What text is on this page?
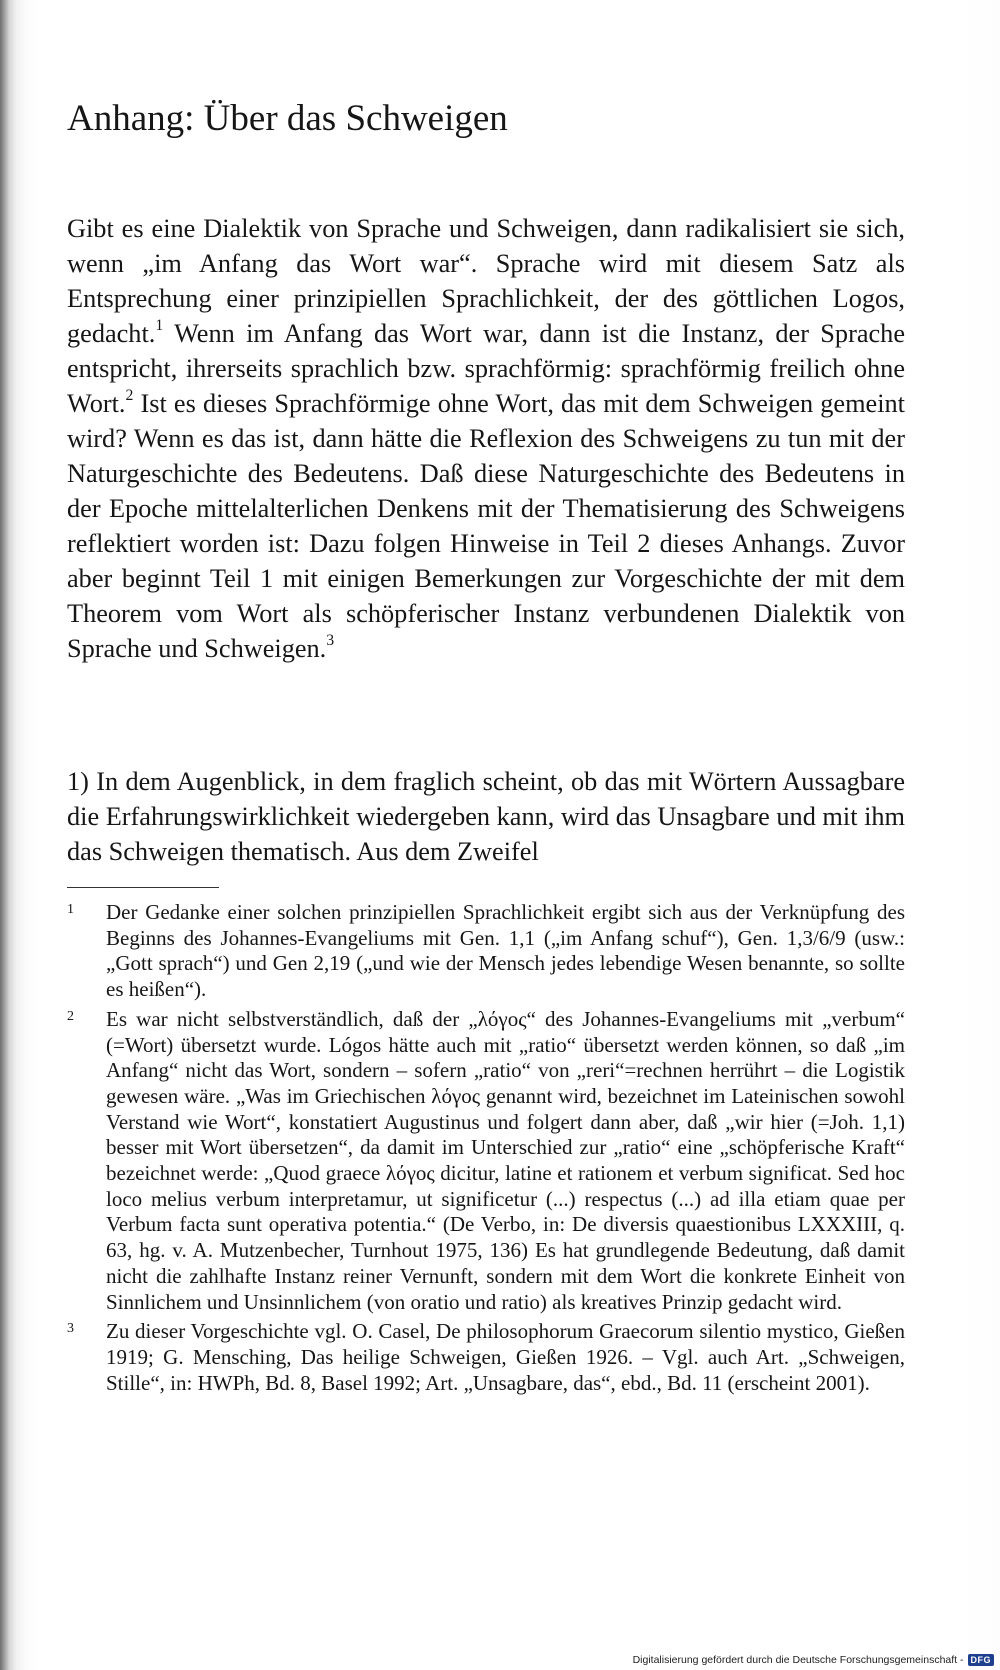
Anhang: Über das Schweigen

Gibt es eine Dialektik von Sprache und Schweigen, dann radikalisiert sie sich, wenn „im Anfang das Wort war“. Sprache wird mit diesem Satz als Entsprechung einer prinzipiellen Sprachlichkeit, der des göttlichen Logos, gedacht.$^1$ Wenn im Anfang das Wort war, dann ist die Instanz, der Sprache entspricht, ihrerseits sprachlich bzw. sprachförmig: sprachförmig freilich ohne Wort.$^2$ Ist es dieses Sprachförmige ohne Wort, das mit dem Schweigen gemeint wird? Wenn es das ist, dann hätte die Reflexion des Schweigens zu tun mit der Naturgeschichte des Bedeutens. Daß diese Naturgeschichte des Bedeutens in der Epoche mittelalterlichen Denkens mit der Thematisierung des Schweigens reflektiert worden ist: Dazu folgen Hinweise in Teil 2 dieses Anhangs. Zuvor aber beginnt Teil 1 mit einigen Bemerkungen zur Vorgeschichte der mit dem Theorem vom Wort als schöpferischer Instanz verbundenen Dialektik von Sprache und Schweigen.$^3$

1) In dem Augenblick, in dem fraglich scheint, ob das mit Wörtern Aussagbare die Erfahrungswirklichkeit wiedergeben kann, wird das Unsagbare und mit ihm das Schweigen thematisch. Aus dem Zweifel

1	Der Gedanke einer solchen prinzipiellen Sprachlichkeit ergibt sich aus der Verknüpfung des Beginns des Johannes-Evangeliums mit Gen. 1,1 („im Anfang schuf“), Gen. 1,3/6/9 (usw.: „Gott sprach“) und Gen 2,19 („und wie der Mensch jedes lebendige Wesen benannte, so sollte es heißen“).
2	Es war nicht selbstverständlich, daß der „λόγος“ des Johannes-Evangeliums mit „verbum“ (=Wort) übersetzt wurde. Lógos hätte auch mit „ratio“ übersetzt werden können, so daß „im Anfang“ nicht das Wort, sondern – sofern „ratio“ von „reri“=rechnen herrührt – die Logistik gewesen wäre. „Was im Griechischen λόγος genannt wird, bezeichnet im Lateinischen sowohl Verstand wie Wort“, konstatiert Augustinus und folgert dann aber, daß „wir hier (=Joh. 1,1) besser mit Wort übersetzen“, da damit im Unterschied zur „ratio“ eine „schöpferische Kraft“ bezeichnet werde: „Quod graece λόγος dicitur, latine et rationem et verbum significat. Sed hoc loco melius verbum interpretamur, ut significetur (...) respectus (...) ad illa etiam quae per Verbum facta sunt operativa potentia.“ (De Verbo, in: De diversis quaestionibus LXXXIII, q. 63, hg. v. A. Mutzenbecher, Turnhout 1975, 136) Es hat grundlegende Bedeutung, daß damit nicht die zahlhafte Instanz reiner Vernunft, sondern mit dem Wort die konkrete Einheit von Sinnlichem und Unsinnlichem (von oratio und ratio) als kreatives Prinzip gedacht wird.
3	Zu dieser Vorgeschichte vgl. O. Casel, De philosophorum Graecorum silentio mystico, Gießen 1919; G. Mensching, Das heilige Schweigen, Gießen 1926. – Vgl. auch Art. „Schweigen, Stille“, in: HWPh, Bd. 8, Basel 1992; Art. „Unsagbare, das“, ebd., Bd. 11 (erscheint 2001).
Digitalisierung gefördert durch die Deutsche Forschungsgemeinschaft - DFG
